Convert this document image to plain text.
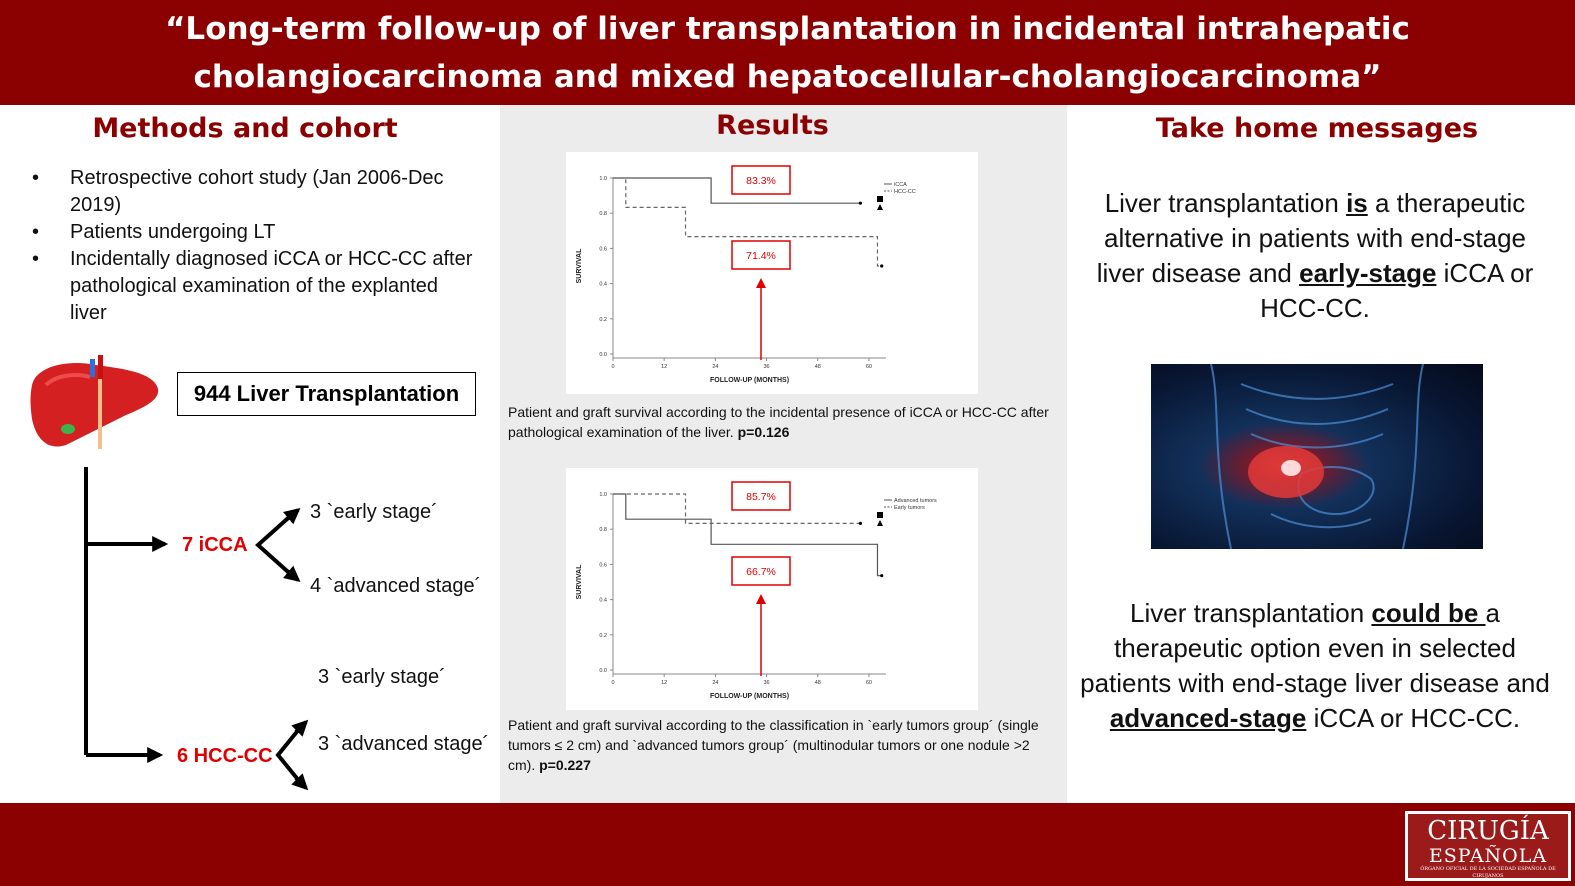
“Long-term follow-up of liver transplantation in incidental intrahepatic cholangiocarcinoma and mixed hepatocellular-cholangiocarcinoma”
Methods and cohort
• Retrospective cohort study (Jan 2006-Dec 2019)
• Patients undergoing LT
• Incidentally diagnosed iCCA or HCC-CC after pathological examination of the explanted liver
944 Liver Transplantation
7 iCCA
6 HCC-CC
3 `early stage´
4 `advanced stage´
3 `early stage´
3 `advanced stage´
Results
0.0
0.2
0.4
0.6
0.8
1.0
0	12	24	36	48	60
FOLLOW-UP (MONTHS)
SURVIVAL
iCCA
HCC-CC
83.3%
71.4%

Patient and graft survival according to the incidental presence of iCCA or HCC-CC after pathological examination of the liver. p=0.126

0.0
0.2
0.4
0.6
0.8
1.0
0	12	24	36	48	60
FOLLOW-UP (MONTHS)
SURVIVAL
Advanced tumors
Early tumors
85.7%
66.7%

Patient and graft survival according to the classification in `early tumors group´ (single tumors ≤ 2 cm) and `advanced tumors group´ (multinodular tumors or one nodule >2 cm). p=0.227

Take home messages

Liver transplantation is a therapeutic alternative in patients with end-stage liver disease and early-stage iCCA or HCC-CC.

Liver transplantation could be a therapeutic option even in selected patients with end-stage liver disease and advanced-stage iCCA or HCC-CC.

CIRUGÍA
ESPAÑOLA
ÓRGANO OFICIAL DE LA SOCIEDAD ESPAÑOLA DE CIRUJANOS
